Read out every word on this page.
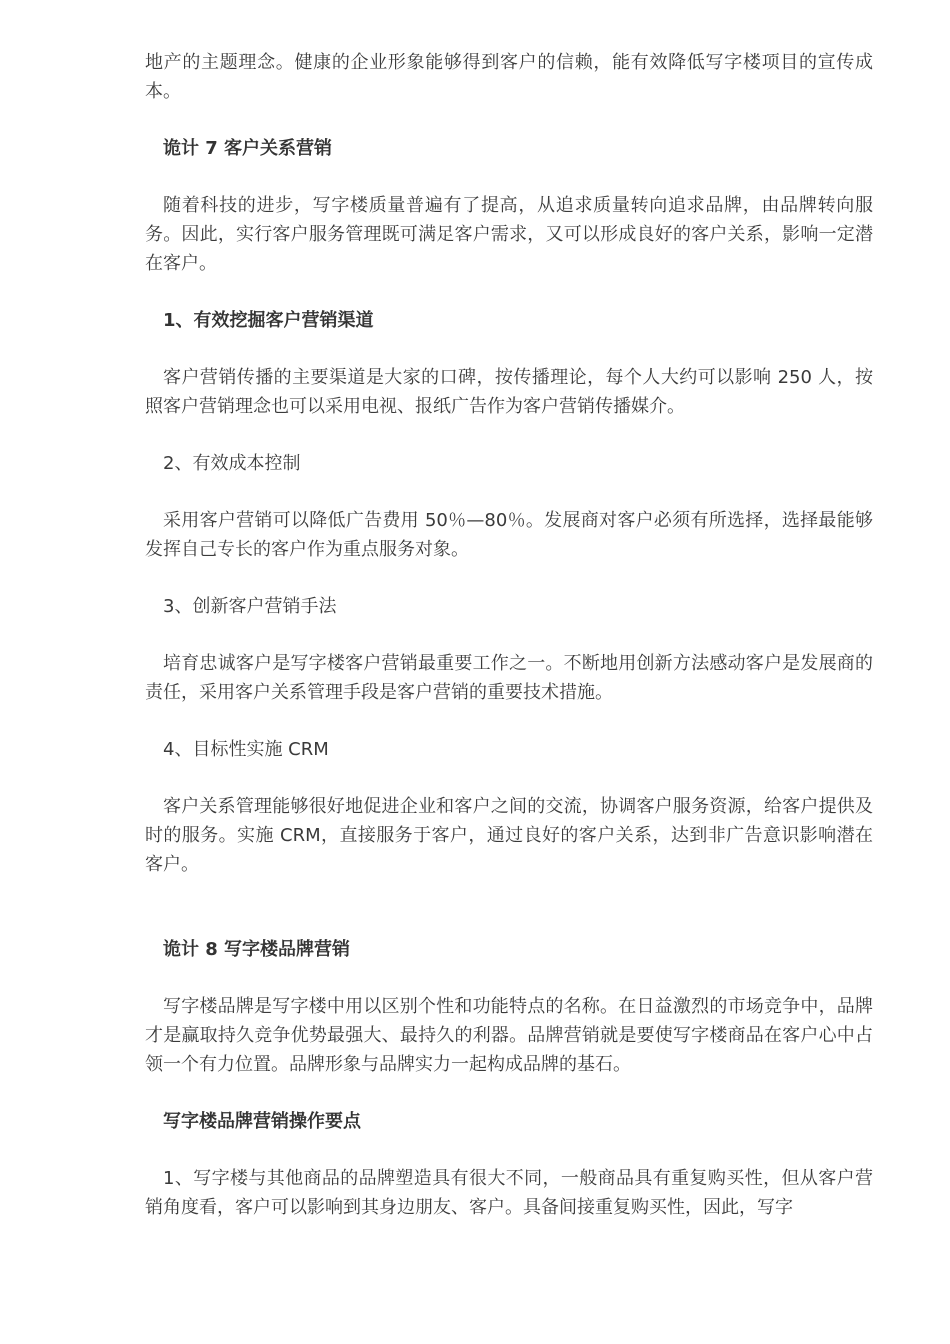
地产的主题理念。健康的企业形象能够得到客户的信赖，能有效降低写字楼项目的宣传成本。

诡计 7 客户关系营销

随着科技的进步，写字楼质量普遍有了提高，从追求质量转向追求品牌，由品牌转向服务。因此，实行客户服务管理既可满足客户需求，又可以形成良好的客户关系，影响一定潜在客户。

1、有效挖掘客户营销渠道

客户营销传播的主要渠道是大家的口碑，按传播理论，每个人大约可以影响 250 人，按照客户营销理念也可以采用电视、报纸广告作为客户营销传播媒介。

2、有效成本控制

采用客户营销可以降低广告费用 50％—80％。发展商对客户必须有所选择，选择最能够发挥自己专长的客户作为重点服务对象。

3、创新客户营销手法

培育忠诚客户是写字楼客户营销最重要工作之一。不断地用创新方法感动客户是发展商的责任，采用客户关系管理手段是客户营销的重要技术措施。

4、目标性实施 CRM

客户关系管理能够很好地促进企业和客户之间的交流，协调客户服务资源，给客户提供及时的服务。实施 CRM，直接服务于客户，通过良好的客户关系，达到非广告意识影响潜在客户。

诡计 8 写字楼品牌营销

写字楼品牌是写字楼中用以区别个性和功能特点的名称。在日益激烈的市场竞争中，品牌才是赢取持久竞争优势最强大、最持久的利器。品牌营销就是要使写字楼商品在客户心中占领一个有力位置。品牌形象与品牌实力一起构成品牌的基石。

写字楼品牌营销操作要点

1、写字楼与其他商品的品牌塑造具有很大不同，一般商品具有重复购买性，但从客户营销角度看，客户可以影响到其身边朋友、客户。具备间接重复购买性，因此，写字
